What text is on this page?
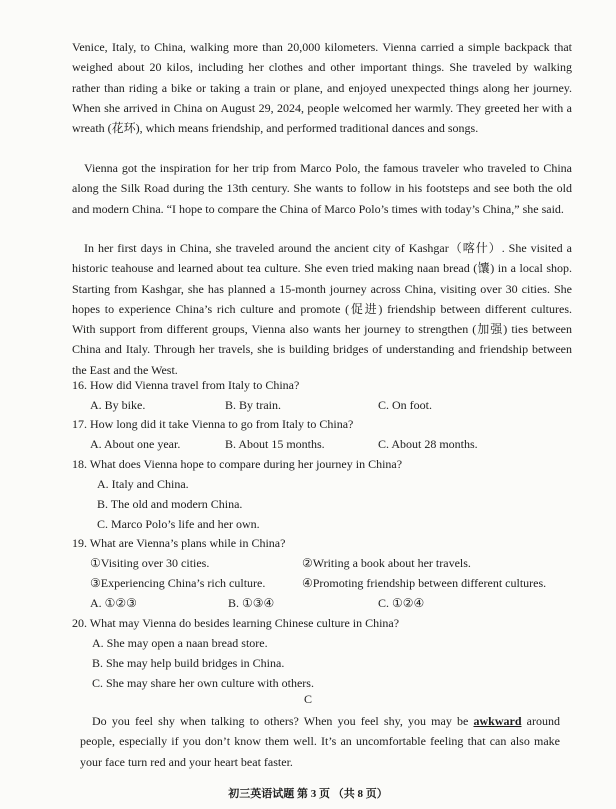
Venice, Italy, to China, walking more than 20,000 kilometers. Vienna carried a simple backpack that weighed about 20 kilos, including her clothes and other important things. She traveled by walking rather than riding a bike or taking a train or plane, and enjoyed unexpected things along her journey. When she arrived in China on August 29, 2024, people welcomed her warmly. They greeted her with a wreath (花环), which means friendship, and performed traditional dances and songs.

Vienna got the inspiration for her trip from Marco Polo, the famous traveler who traveled to China along the Silk Road during the 13th century. She wants to follow in his footsteps and see both the old and modern China. “I hope to compare the China of Marco Polo’s times with today’s China,” she said.

In her first days in China, she traveled around the ancient city of Kashgar（喀什）. She visited a historic teahouse and learned about tea culture. She even tried making naan bread (馕) in a local shop. Starting from Kashgar, she has planned a 15-month journey across China, visiting over 30 cities. She hopes to experience China’s rich culture and promote (促进) friendship between different cultures. With support from different groups, Vienna also wants her journey to strengthen (加强) ties between China and Italy. Through her travels, she is building bridges of understanding and friendship between the East and the West.

16. How did Vienna travel from Italy to China?
A. By bike.	B. By train.	C. On foot.
17. How long did it take Vienna to go from Italy to China?
A. About one year.	B. About 15 months.	C. About 28 months.
18. What does Vienna hope to compare during her journey in China?
A. Italy and China.
B. The old and modern China.
C. Marco Polo’s life and her own.
19. What are Vienna’s plans while in China?
①Visiting over 30 cities.	②Writing a book about her travels.
③Experiencing China’s rich culture.	④Promoting friendship between different cultures.
A. ①②③	B. ①③④	C. ①②④
20. What may Vienna do besides learning Chinese culture in China?
A. She may open a naan bread store.
B. She may help build bridges in China.
C. She may share her own culture with others.
C

Do you feel shy when talking to others? When you feel shy, you may be awkward around people, especially if you don’t know them well. It’s an uncomfortable feeling that can also make your face turn red and your heart beat faster.

初三英语试题 第 3 页 （共 8 页）
